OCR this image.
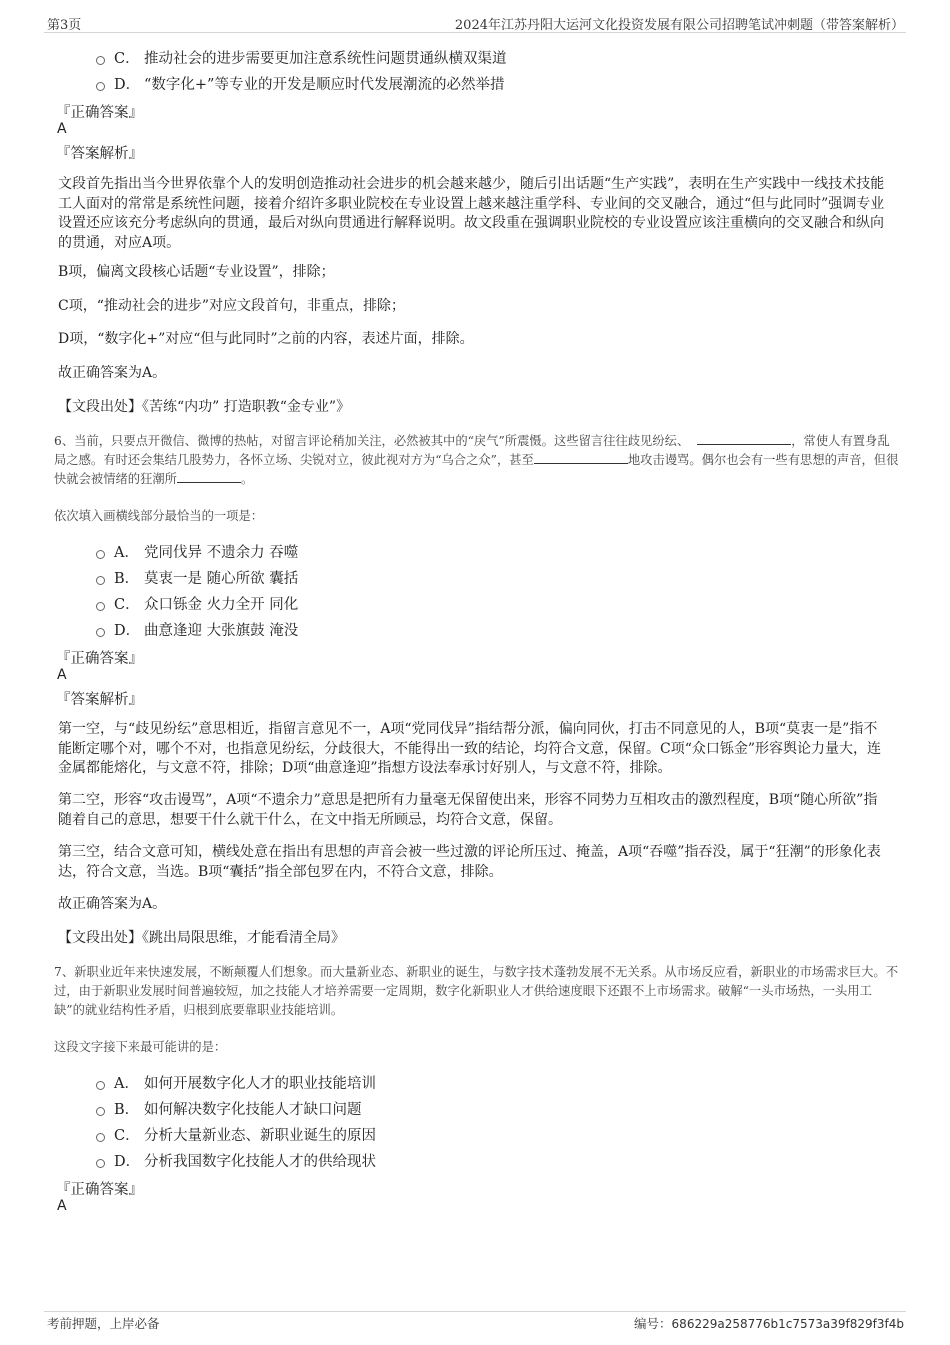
第3页	2024年江苏丹阳大运河文化投资发展有限公司招聘笔试冲刺题（带答案解析）
C． 推动社会的进步需要更加注意系统性问题贯通纵横双渠道
D． “数字化+”等专业的开发是顺应时代发展潮流的必然举措
『正确答案』
A
『答案解析』
文段首先指出当今世界依靠个人的发明创造推动社会进步的机会越来越少，随后引出话题“生产实践”，表明在生产实践中一线技术技能工人面对的常常是系统性问题，接着介绍许多职业院校在专业设置上越来越注重学科、专业间的交叉融合，通过“但与此同时”强调专业设置还应该充分考虑纵向的贯通，最后对纵向贯通进行解释说明。故文段重在强调职业院校的专业设置应该注重横向的交叉融合和纵向的贯通，对应A项。
B项，偏离文段核心话题“专业设置”，排除；
C项，“推动社会的进步”对应文段首句，非重点，排除；
D项，“数字化+”对应“但与此同时”之前的内容，表述片面，排除。
故正确答案为A。
【文段出处】《苦练“内功” 打造职教“金专业”》
6、当前，只要点开微信、微博的热帖，对留言评论稍加关注，必然被其中的“戾气”所震慑。这些留言往往歧见纷纭、	，常使人有置身乱局之感。有时还会集结几股势力，各怀立场、尖锐对立，彼此视对方为“乌合之众”，甚至	地攻击谩骂。偶尔也会有一些有思想的声音，但很快就会被情绪的狂潮所	。
依次填入画横线部分最恰当的一项是：
A． 党同伐异 不遗余力 吞噬
B． 莫衷一是 随心所欲 囊括
C． 众口铄金 火力全开 同化
D． 曲意逢迎 大张旗鼓 淹没
『正确答案』
A
『答案解析』
第一空，与“歧见纷纭”意思相近，指留言意见不一，A项“党同伐异”指结帮分派，偏向同伙，打击不同意见的人，B项“莫衷一是”指不能断定哪个对，哪个不对，也指意见纷纭，分歧很大，不能得出一致的结论，均符合文意，保留。C项“众口铄金”形容舆论力量大，连金属都能熔化，与文意不符，排除；D项“曲意逢迎”指想方设法奉承讨好别人，与文意不符，排除。
第二空，形容“攻击谩骂”，A项“不遗余力”意思是把所有力量毫无保留使出来，形容不同势力互相攻击的激烈程度，B项“随心所欲”指随着自己的意思，想要干什么就干什么，在文中指无所顾忌，均符合文意，保留。
第三空，结合文意可知，横线处意在指出有思想的声音会被一些过激的评论所压过、掩盖，A项“吞噬”指吞没，属于“狂潮”的形象化表达，符合文意，当选。B项“囊括”指全部包罗在内，不符合文意，排除。
故正确答案为A。
【文段出处】《跳出局限思维，才能看清全局》
7、新职业近年来快速发展，不断颠覆人们想象。而大量新业态、新职业的诞生，与数字技术蓬勃发展不无关系。从市场反应看，新职业的市场需求巨大。不过，由于新职业发展时间普遍较短，加之技能人才培养需要一定周期，数字化新职业人才供给速度眼下还跟不上市场需求。破解“一头市场热，一头用工缺”的就业结构性矛盾，归根到底要靠职业技能培训。
这段文字接下来最可能讲的是：
A． 如何开展数字化人才的职业技能培训
B． 如何解决数字化技能人才缺口问题
C． 分析大量新业态、新职业诞生的原因
D． 分析我国数字化技能人才的供给现状
『正确答案』
A
考前押题，上岸必备	编号：686229a258776b1c7573a39f829f3f4b
